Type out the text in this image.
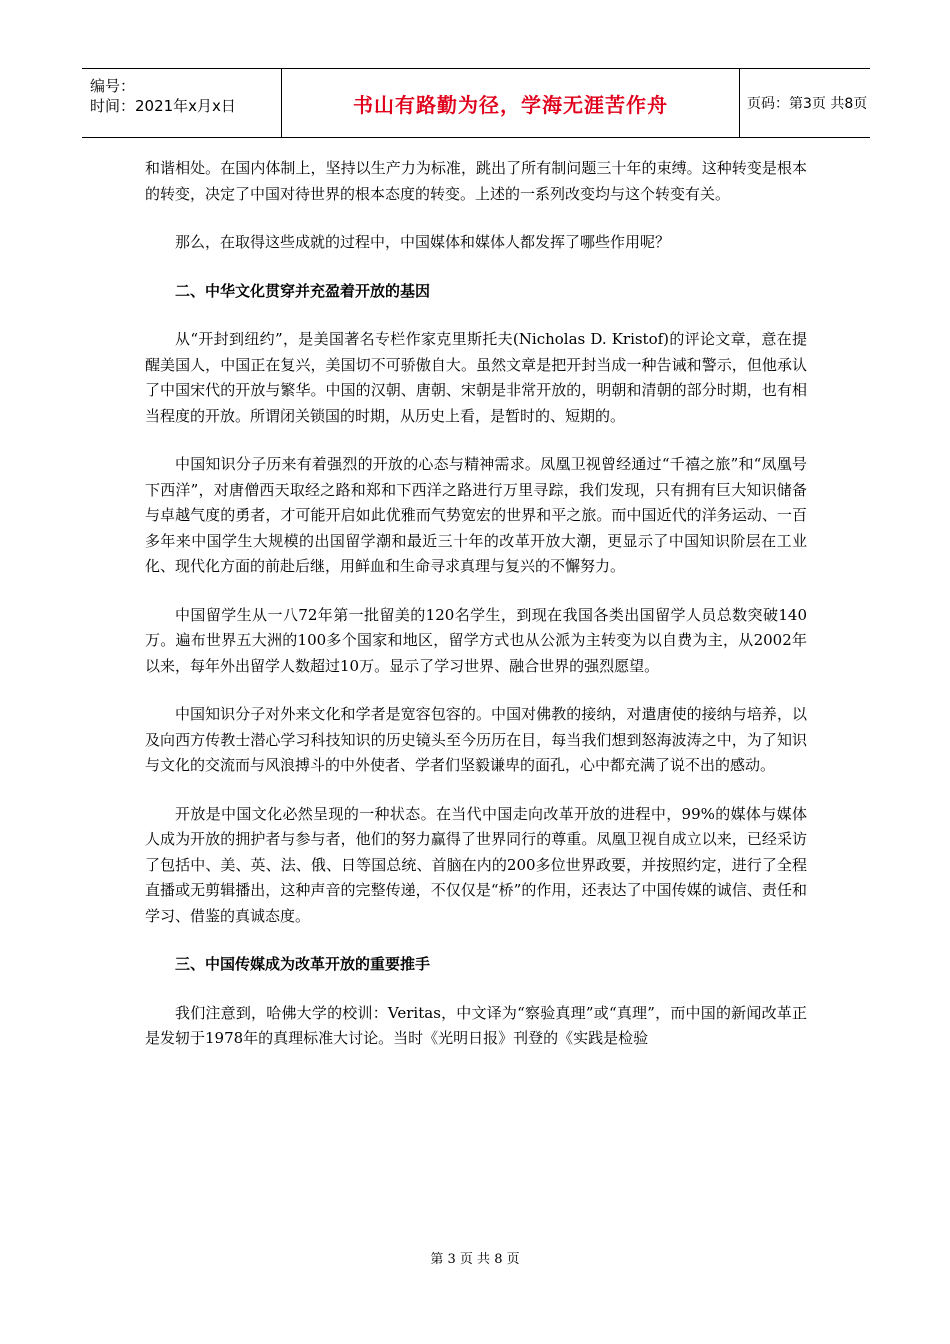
编号：
时间：2021年x月x日	书山有路勤为径，学海无涯苦作舟	页码：第3页 共8页

和谐相处。在国内体制上，坚持以生产力为标准，跳出了所有制问题三十年的束缚。这种转变是根本的转变，决定了中国对待世界的根本态度的转变。上述的一系列改变均与这个转变有关。

那么，在取得这些成就的过程中，中国媒体和媒体人都发挥了哪些作用呢？

二、中华文化贯穿并充盈着开放的基因

从“开封到纽约”，是美国著名专栏作家克里斯托夫(Nicholas D. Kristof)的评论文章，意在提醒美国人，中国正在复兴，美国切不可骄傲自大。虽然文章是把开封当成一种告诫和警示，但他承认了中国宋代的开放与繁华。中国的汉朝、唐朝、宋朝是非常开放的，明朝和清朝的部分时期，也有相当程度的开放。所谓闭关锁国的时期，从历史上看，是暂时的、短期的。

中国知识分子历来有着强烈的开放的心态与精神需求。凤凰卫视曾经通过“千禧之旅”和“凤凰号下西洋”，对唐僧西天取经之路和郑和下西洋之路进行万里寻踪，我们发现，只有拥有巨大知识储备与卓越气度的勇者，才可能开启如此优雅而气势宽宏的世界和平之旅。而中国近代的洋务运动、一百多年来中国学生大规模的出国留学潮和最近三十年的改革开放大潮，更显示了中国知识阶层在工业化、现代化方面的前赴后继，用鲜血和生命寻求真理与复兴的不懈努力。

中国留学生从一八72年第一批留美的120名学生，到现在我国各类出国留学人员总数突破140万。遍布世界五大洲的100多个国家和地区，留学方式也从公派为主转变为以自费为主，从2002年以来，每年外出留学人数超过10万。显示了学习世界、融合世界的强烈愿望。

中国知识分子对外来文化和学者是宽容包容的。中国对佛教的接纳，对遣唐使的接纳与培养，以及向西方传教士潜心学习科技知识的历史镜头至今历历在目，每当我们想到怒海波涛之中，为了知识与文化的交流而与风浪搏斗的中外使者、学者们坚毅谦卑的面孔，心中都充满了说不出的感动。

开放是中国文化必然呈现的一种状态。在当代中国走向改革开放的进程中，99%的媒体与媒体人成为开放的拥护者与参与者，他们的努力赢得了世界同行的尊重。凤凰卫视自成立以来，已经采访了包括中、美、英、法、俄、日等国总统、首脑在内的200多位世界政要，并按照约定，进行了全程直播或无剪辑播出，这种声音的完整传递，不仅仅是“桥”的作用，还表达了中国传媒的诚信、责任和学习、借鉴的真诚态度。

三、中国传媒成为改革开放的重要推手

我们注意到，哈佛大学的校训：Veritas，中文译为“察验真理”或“真理”，而中国的新闻改革正是发轫于1978年的真理标准大讨论。当时《光明日报》刊登的《实践是检验

第 3 页 共 8 页
